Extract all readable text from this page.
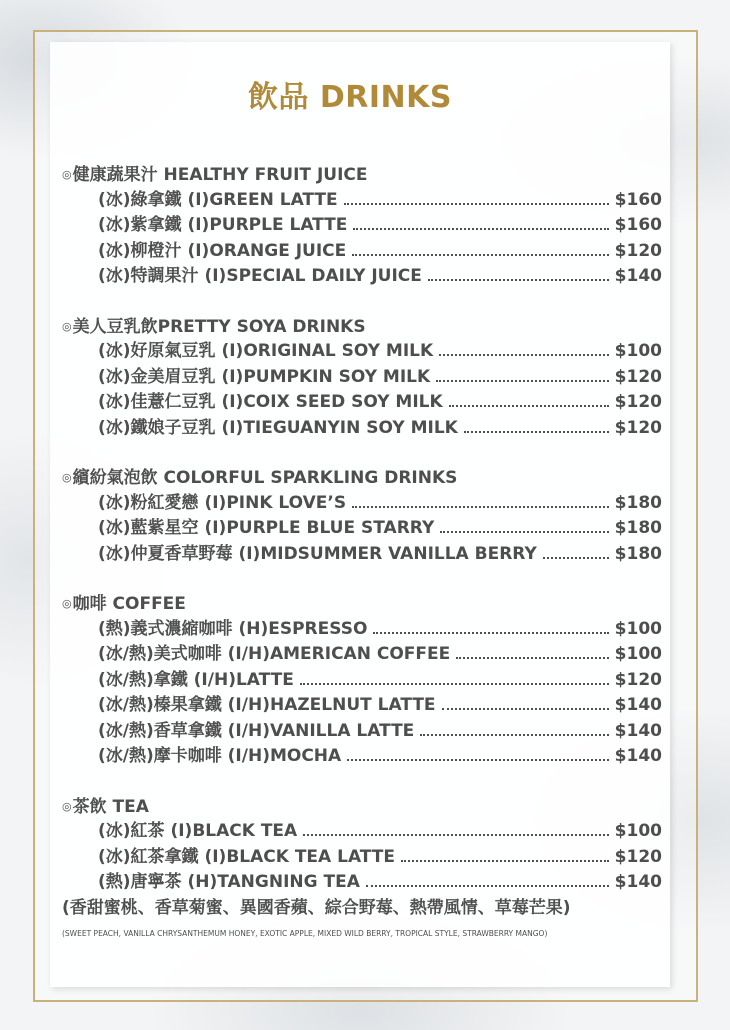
飲品 DRINKS
◎健康蔬果汁 HEALTHY FRUIT JUICE
(冰)綠拿鐵 (I)GREEN LATTE	$160
(冰)紫拿鐵 (I)PURPLE LATTE	$160
(冰)柳橙汁 (I)ORANGE JUICE	$120
(冰)特調果汁 (I)SPECIAL DAILY JUICE	$140
◎美人豆乳飲PRETTY SOYA DRINKS
(冰)好原氣豆乳 (I)ORIGINAL SOY MILK	$100
(冰)金美眉豆乳 (I)PUMPKIN SOY MILK	$120
(冰)佳薏仁豆乳 (I)COIX SEED SOY MILK	$120
(冰)鐵娘子豆乳 (I)TIEGUANYIN SOY MILK	$120
◎繽紛氣泡飲 COLORFUL SPARKLING DRINKS
(冰)粉紅愛戀 (I)PINK LOVE’S	$180
(冰)藍紫星空 (I)PURPLE BLUE STARRY	$180
(冰)仲夏香草野莓 (I)MIDSUMMER VANILLA BERRY	$180
◎咖啡 COFFEE
(熱)義式濃縮咖啡 (H)ESPRESSO	$100
(冰/熱)美式咖啡 (I/H)AMERICAN COFFEE	$100
(冰/熱)拿鐵 (I/H)LATTE	$120
(冰/熱)榛果拿鐵 (I/H)HAZELNUT LATTE	$140
(冰/熱)香草拿鐵 (I/H)VANILLA LATTE	$140
(冰/熱)摩卡咖啡 (I/H)MOCHA	$140
◎茶飲 TEA
(冰)紅茶 (I)BLACK TEA	$100
(冰)紅茶拿鐵 (I)BLACK TEA LATTE	$120
(熱)唐寧茶 (H)TANGNING TEA	$140
(香甜蜜桃、香草菊蜜、異國香蘋、綜合野莓、熱帶風情、草莓芒果)
(SWEET PEACH, VANILLA CHRYSANTHEMUM HONEY, EXOTIC APPLE, MIXED WILD BERRY, TROPICAL STYLE, STRAWBERRY MANGO)
